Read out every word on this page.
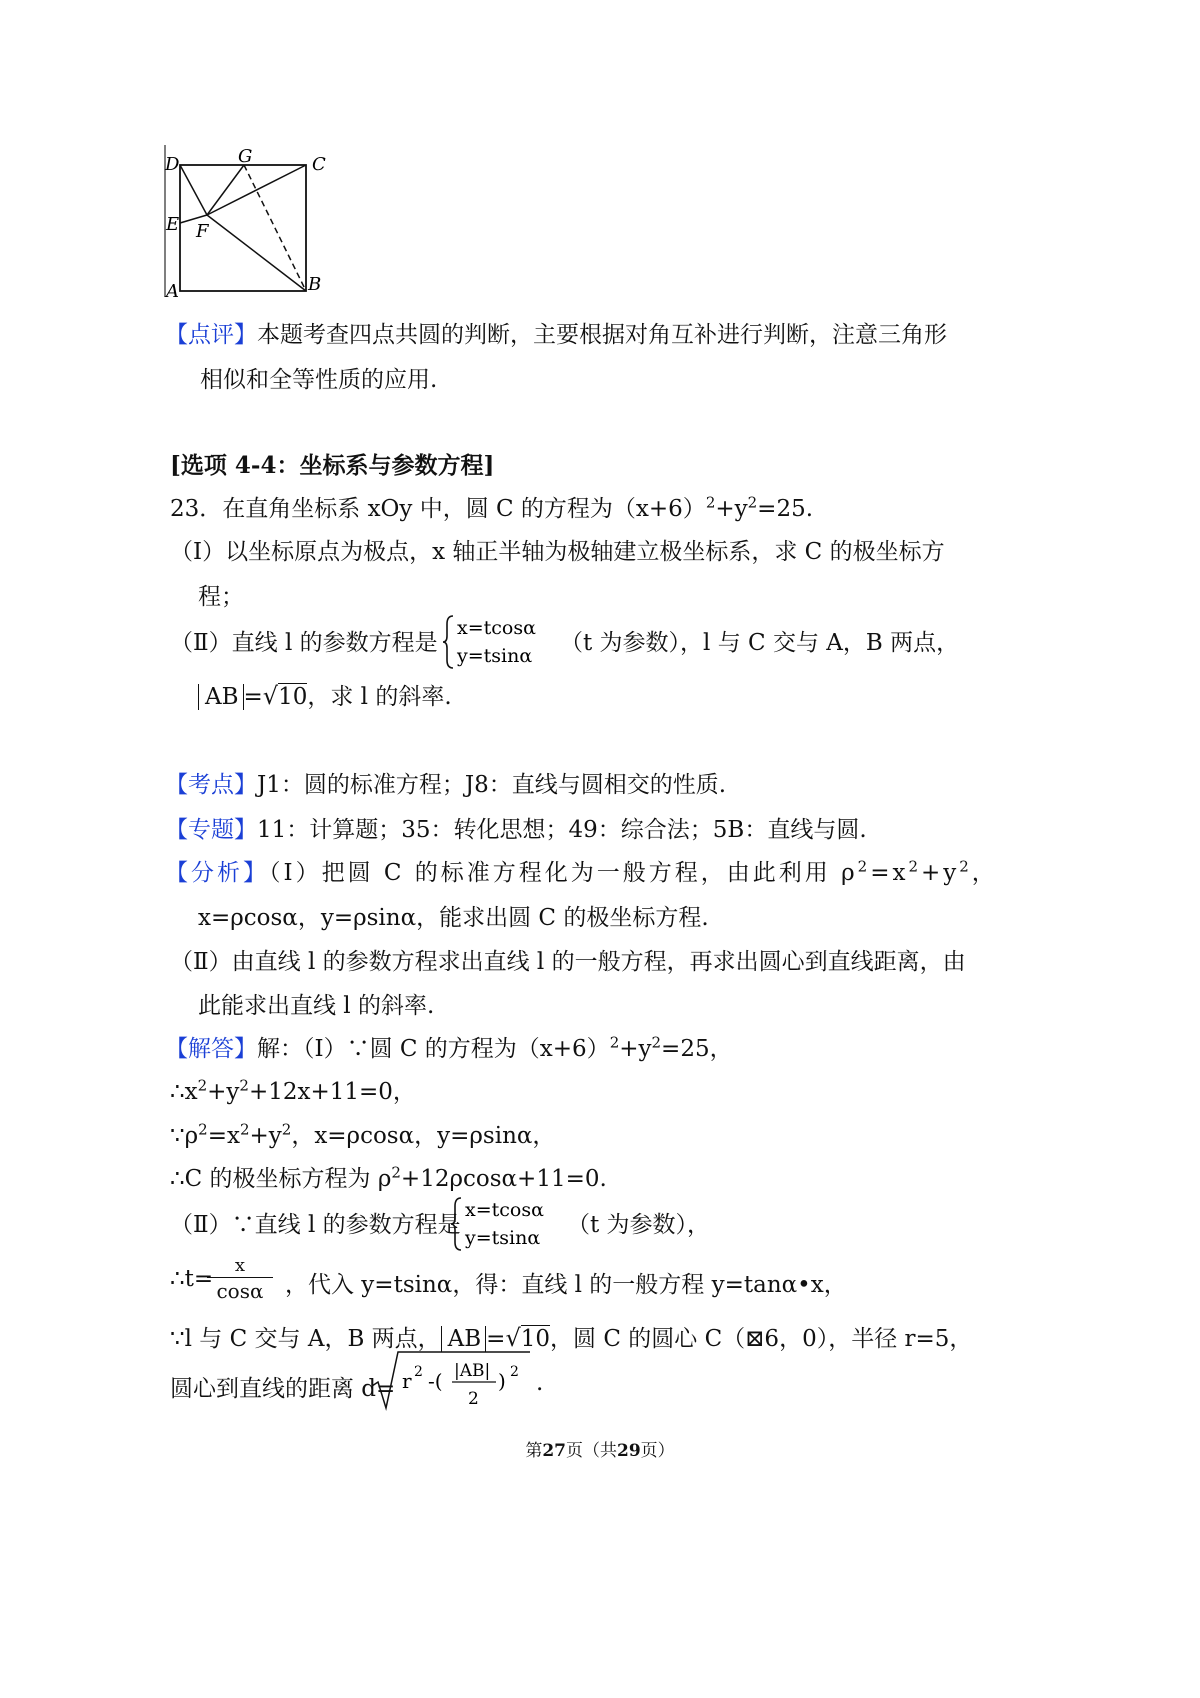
D	G	C
E F
A	B
【点评】本题考查四点共圆的判断，主要根据对角互补进行判断，注意三角形
相似和全等性质的应用.
[选项 4-4：坐标系与参数方程]
23．在直角坐标系 xOy 中，圆 C 的方程为$(x+6)^2+y^2=25$.
（Ⅰ）以坐标原点为极点，x 轴正半轴为极轴建立极坐标系，求 C 的极坐标方
程；
（Ⅱ）直线 l 的参数方程是
x=tcosα
y=tsinα （t 为参数），l 与 C 交与 A，B 两点，
AB =√10，求 l 的斜率.
【考点】J1：圆的标准方程；J8：直线与圆相交的性质.
【专题】11：计算题；35：转化思想；49：综合法；5B：直线与圆.
【分析】（Ⅰ）把圆 C 的标准方程化为一般方程，由此利用 $\rho^2=x^2+y^2$，
x=ρcosα，y=ρsinα，能求出圆 C 的极坐标方程.
（Ⅱ）由直线 l 的参数方程求出直线 l 的一般方程，再求出圆心到直线距离，由
此能求出直线 l 的斜率.
【解答】解：（Ⅰ）∵圆 C 的方程为$(x+6)^2+y^2=25$，
$\therefore x^2+y^2+12x+11=0$，
$\because\rho^2=x^2+y^2$，x=ρcosα，y=ρsinα，
∴C 的极坐标方程为 $\rho^2+12\rho\cos\alpha+11=0$.
（Ⅱ）∵直线 l 的参数方程是
x=tcosα
y=tsinα （t 为参数），
∴t=
$\frac{x}{\cos\alpha}$ ，代入 y=tsinα，得：直线 l 的一般方程 y=tanα•x，
∵l 与 C 交与 A，B 两点， AB =√10，圆 C 的圆心 C（⊠6，0），半径 r=5，
圆心到直线的距离 d= r 2 -( |AB|
2
) 2 .
第27页（共29页）
